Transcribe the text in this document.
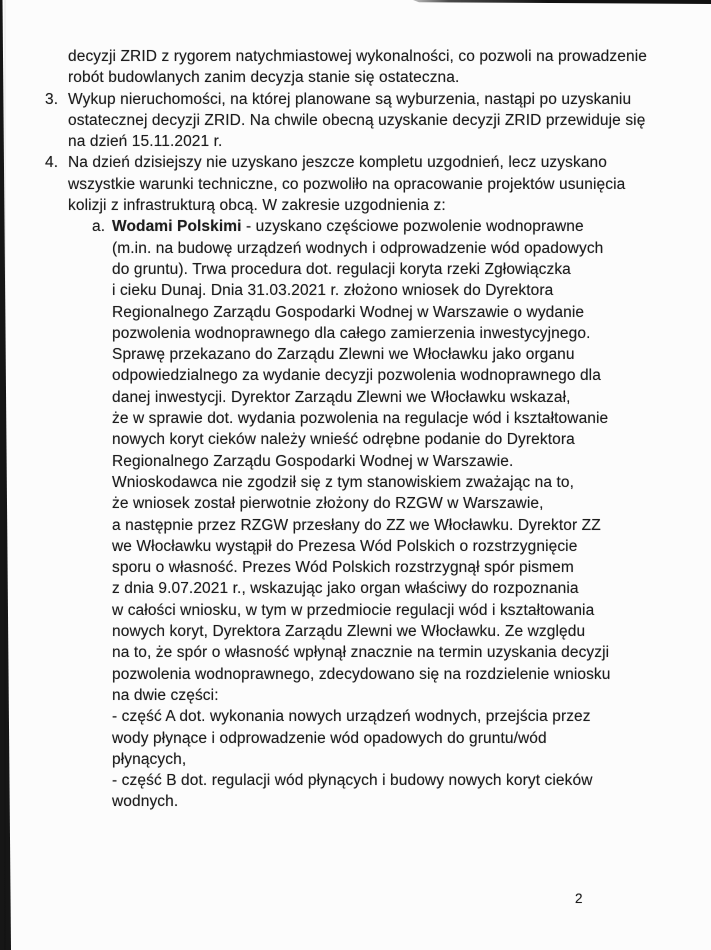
decyzji ZRID z rygorem natychmiastowej wykonalności, co pozwoli na prowadzenie
robót budowlanych zanim decyzja stanie się ostateczna.
3. Wykup nieruchomości, na której planowane są wyburzenia, nastąpi po uzyskaniu
ostatecznej decyzji ZRID. Na chwile obecną uzyskanie decyzji ZRID przewiduje się
na dzień 15.11.2021 r.
4. Na dzień dzisiejszy nie uzyskano jeszcze kompletu uzgodnień, lecz uzyskano
wszystkie warunki techniczne, co pozwoliło na opracowanie projektów usunięcia
kolizji z infrastrukturą obcą. W zakresie uzgodnienia z:
a. Wodami Polskimi - uzyskano częściowe pozwolenie wodnoprawne
(m.in. na budowę urządzeń wodnych i odprowadzenie wód opadowych
do gruntu). Trwa procedura dot. regulacji koryta rzeki Zgłowiączka
i cieku Dunaj. Dnia 31.03.2021 r. złożono wniosek do Dyrektora
Regionalnego Zarządu Gospodarki Wodnej w Warszawie o wydanie
pozwolenia wodnoprawnego dla całego zamierzenia inwestycyjnego.
Sprawę przekazano do Zarządu Zlewni we Włocławku jako organu
odpowiedzialnego za wydanie decyzji pozwolenia wodnoprawnego dla
danej inwestycji. Dyrektor Zarządu Zlewni we Włocławku wskazał,
że w sprawie dot. wydania pozwolenia na regulacje wód i kształtowanie
nowych koryt cieków należy wnieść odrębne podanie do Dyrektora
Regionalnego Zarządu Gospodarki Wodnej w Warszawie.
Wnioskodawca nie zgodził się z tym stanowiskiem zważając na to,
że wniosek został pierwotnie złożony do RZGW w Warszawie,
a następnie przez RZGW przesłany do ZZ we Włocławku. Dyrektor ZZ
we Włocławku wystąpił do Prezesa Wód Polskich o rozstrzygnięcie
sporu o własność. Prezes Wód Polskich rozstrzygnął spór pismem
z dnia 9.07.2021 r., wskazując jako organ właściwy do rozpoznania
w całości wniosku, w tym w przedmiocie regulacji wód i kształtowania
nowych koryt, Dyrektora Zarządu Zlewni we Włocławku. Ze względu
na to, że spór o własność wpłynął znacznie na termin uzyskania decyzji
pozwolenia wodnoprawnego, zdecydowano się na rozdzielenie wniosku
na dwie części:
- część A dot. wykonania nowych urządzeń wodnych, przejścia przez
wody płynące i odprowadzenie wód opadowych do gruntu/wód
płynących,
- część B dot. regulacji wód płynących i budowy nowych koryt cieków
wodnych.
2
